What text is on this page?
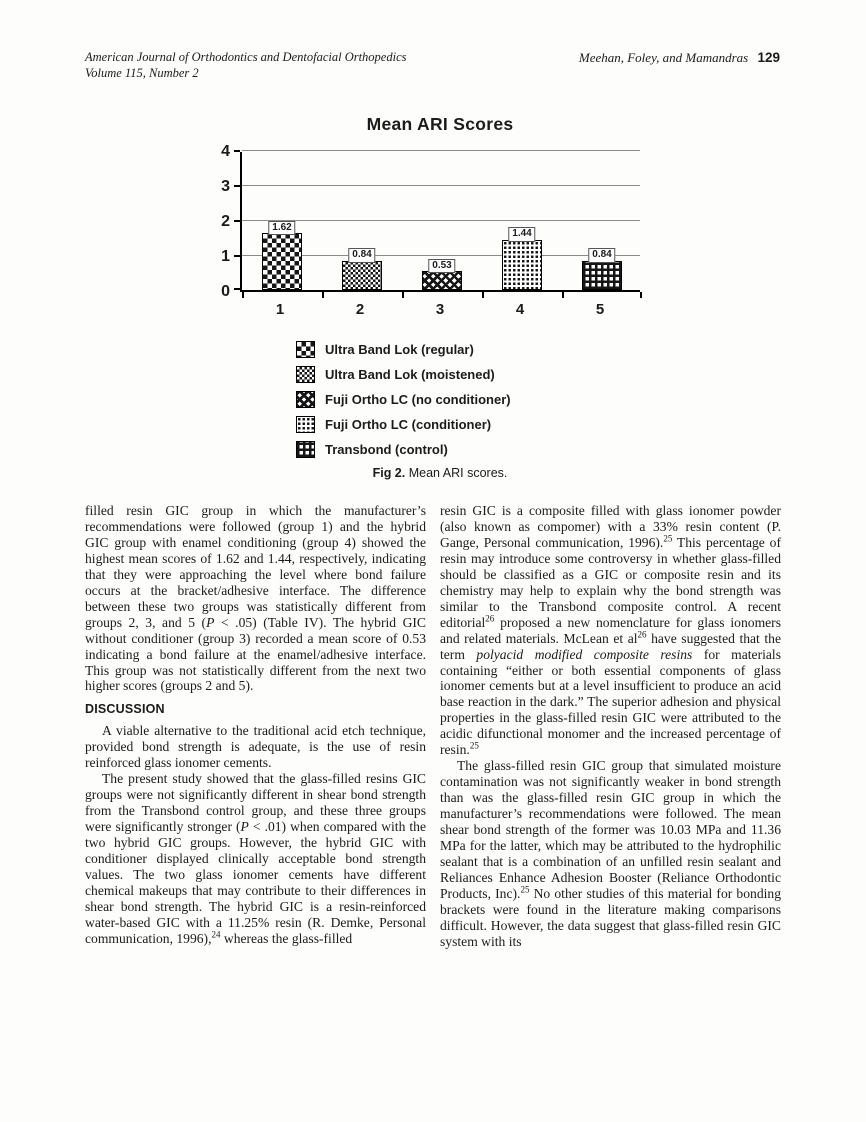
American Journal of Orthodontics and Dentofacial Orthopedics
Volume 115, Number 2
Meehan, Foley, and Mamandras 129
Mean ARI Scores
0
1
2
3
4
1.62
0.84
0.53
1.44
0.84
1	2	3	4	5
Ultra Band Lok (regular)
Ultra Band Lok (moistened)
Fuji Ortho LC (no conditioner)
Fuji Ortho LC (conditioner)
Transbond (control)
Fig 2. Mean ARI scores.

filled resin GIC group in which the manufacturer’s recommendations were followed (group 1) and the hybrid GIC group with enamel conditioning (group 4) showed the highest mean scores of 1.62 and 1.44, respectively, indicating that they were approaching the level where bond failure occurs at the bracket/adhesive interface. The difference between these two groups was statistically different from groups 2, 3, and 5 (P < .05) (Table IV). The hybrid GIC without conditioner (group 3) recorded a mean score of 0.53 indicating a bond failure at the enamel/adhesive interface. This group was not statistically different from the next two higher scores (groups 2 and 5).

DISCUSSION

A viable alternative to the traditional acid etch technique, provided bond strength is adequate, is the use of resin reinforced glass ionomer cements.

The present study showed that the glass-filled resins GIC groups were not significantly different in shear bond strength from the Transbond control group, and these three groups were significantly stronger (P < .01) when compared with the two hybrid GIC groups. However, the hybrid GIC with conditioner displayed clinically acceptable bond strength values. The two glass ionomer cements have different chemical makeups that may contribute to their differences in shear bond strength. The hybrid GIC is a resin-reinforced water-based GIC with a 11.25% resin (R. Demke, Personal communication, 1996),$^{24}$ whereas the glass-filled

resin GIC is a composite filled with glass ionomer powder (also known as compomer) with a 33% resin content (P. Gange, Personal communication, 1996).$^{25}$ This percentage of resin may introduce some controversy in whether glass-filled should be classified as a GIC or composite resin and its chemistry may help to explain why the bond strength was similar to the Transbond composite control. A recent editorial$^{26}$ proposed a new nomenclature for glass ionomers and related materials. McLean et $al^{26}$ have suggested that the term polyacid modified composite resins for materials containing “either or both essential components of glass ionomer cements but at a level insufficient to produce an acid base reaction in the dark.” The superior adhesion and physical properties in the glass-filled resin GIC were attributed to the acidic difunctional monomer and the increased percentage of resin.$^{25}$

The glass-filled resin GIC group that simulated moisture contamination was not significantly weaker in bond strength than was the glass-filled resin GIC group in which the manufacturer’s recommendations were followed. The mean shear bond strength of the former was 10.03 MPa and 11.36 MPa for the latter, which may be attributed to the hydrophilic sealant that is a combination of an unfilled resin sealant and Reliances Enhance Adhesion Booster (Reliance Orthodontic Products, Inc).$^{25}$ No other studies of this material for bonding brackets were found in the literature making comparisons difficult. However, the data suggest that glass-filled resin GIC system with its
